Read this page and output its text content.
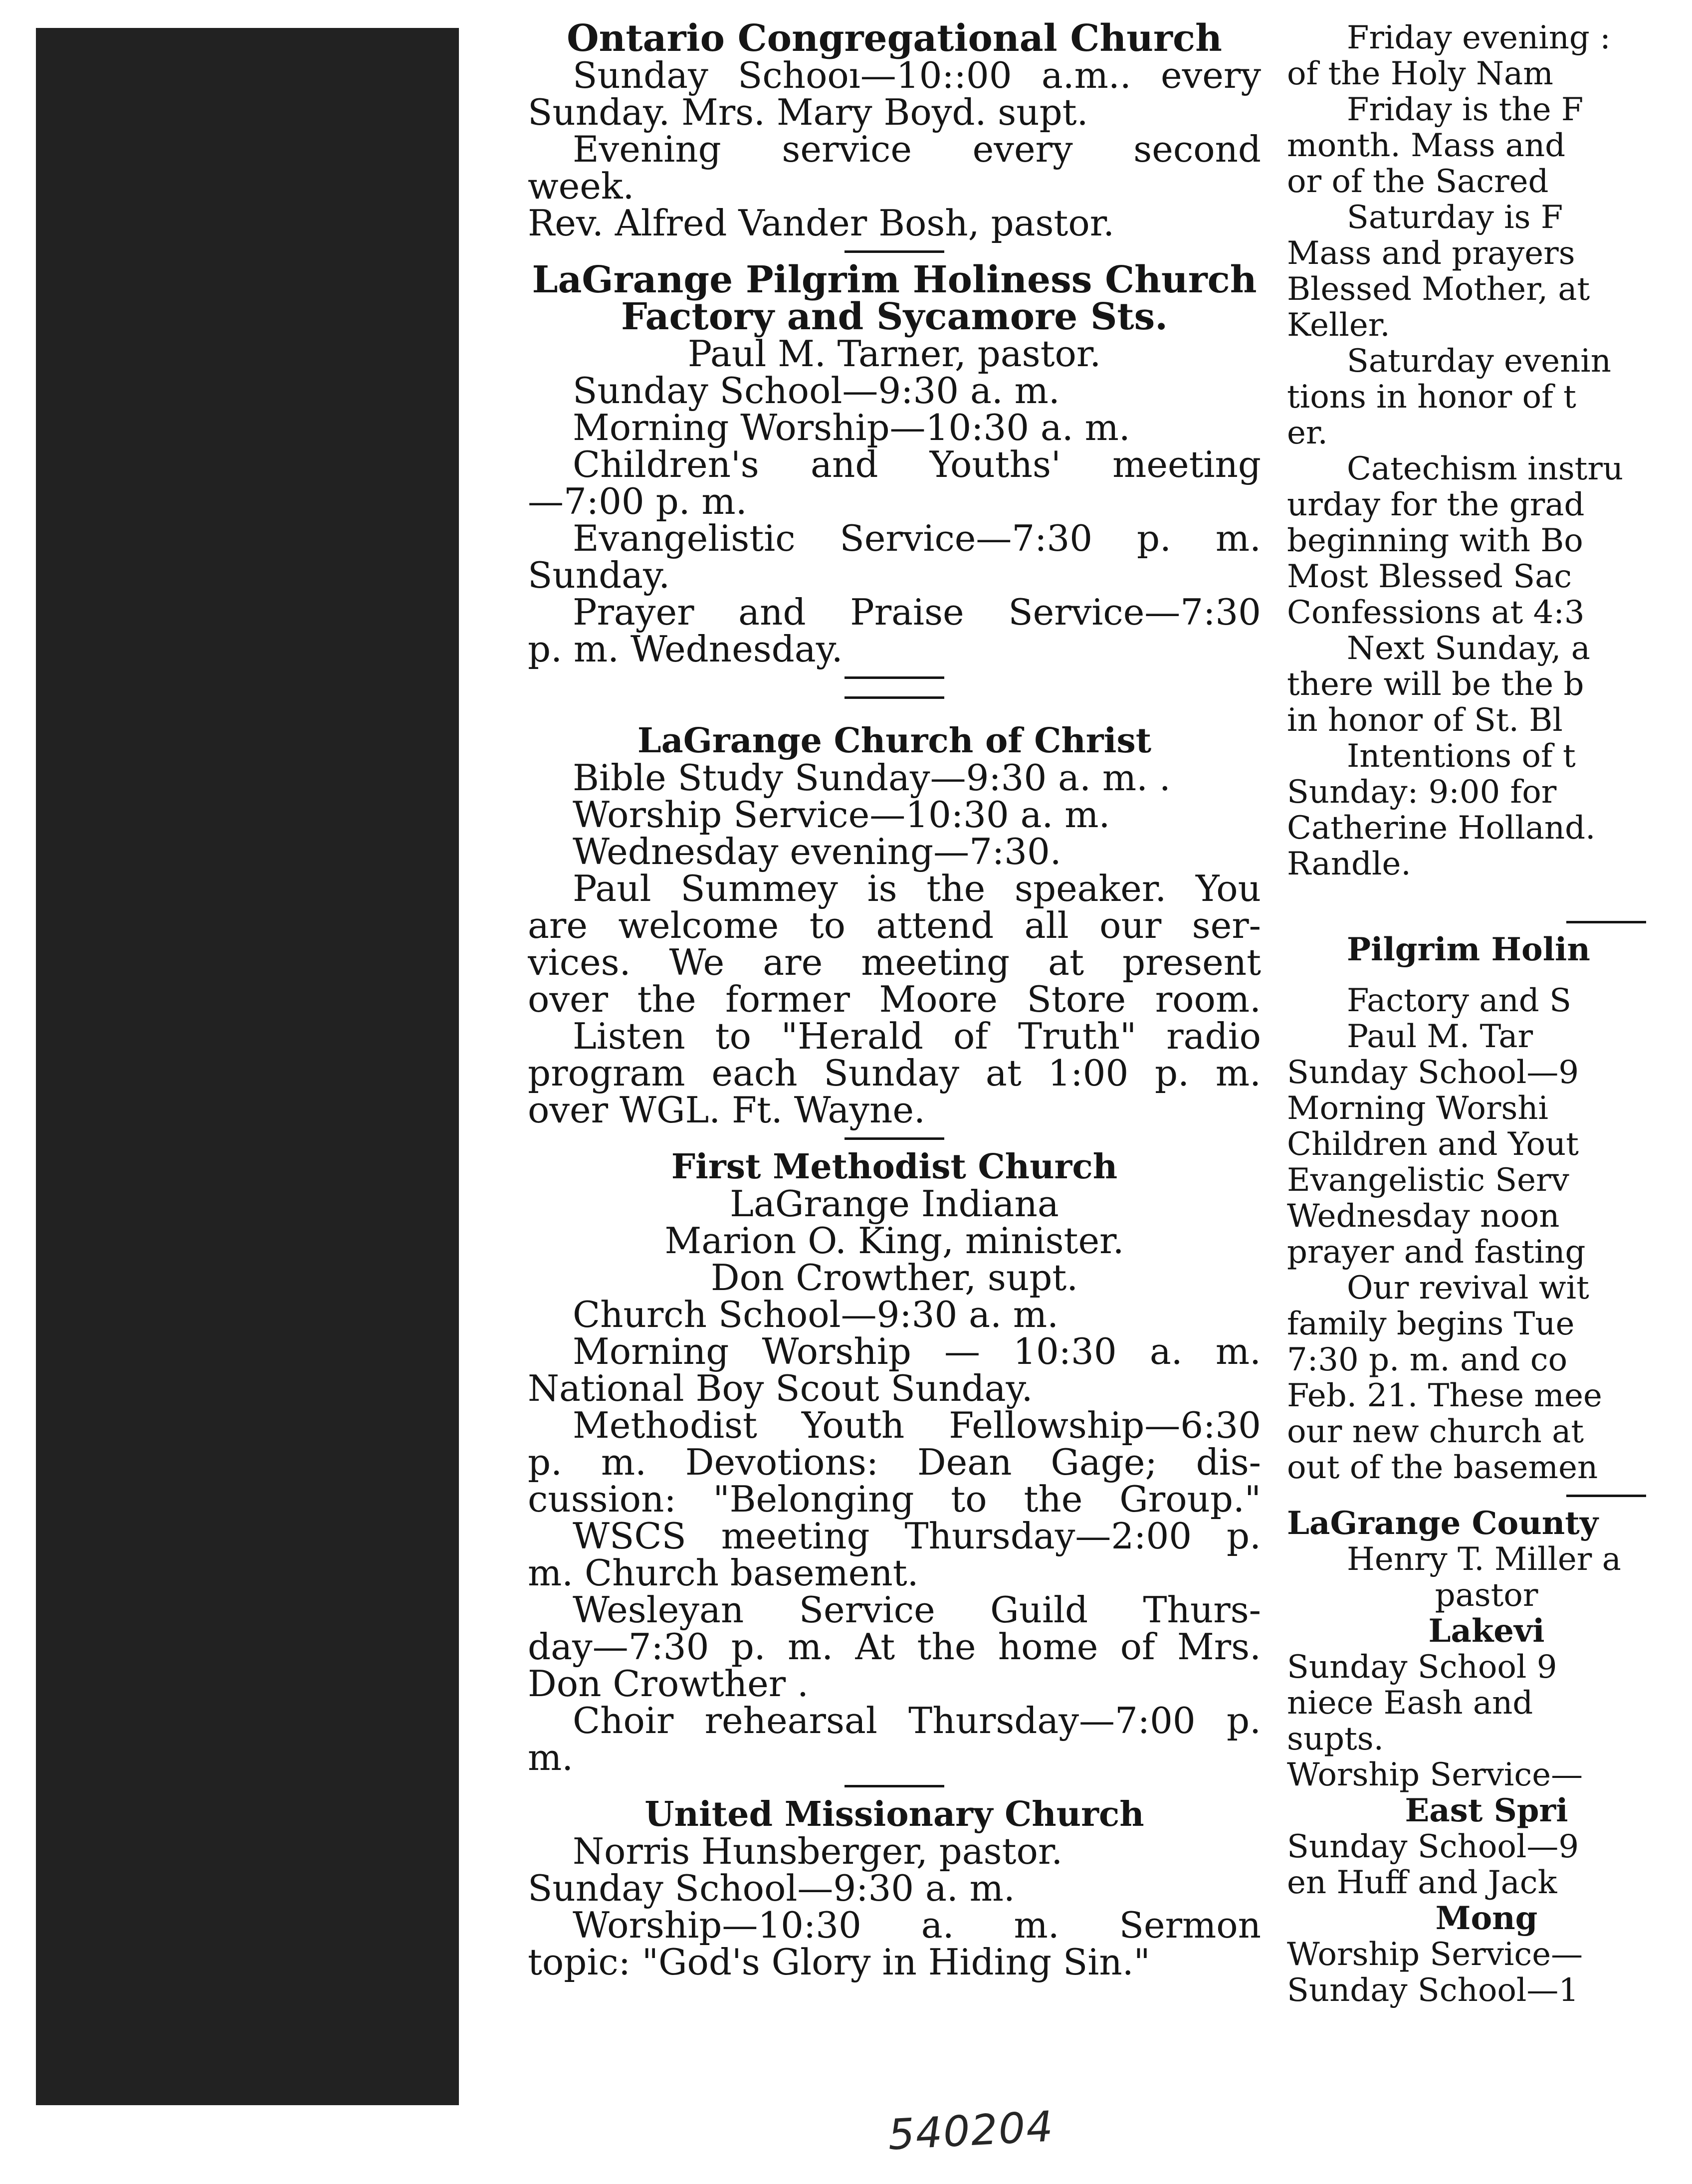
Ontario Congregational Church
Sunday Schooı—10::00 a.m.. every
Sunday. Mrs. Mary Boyd. supt.
Evening service every second
week.
Rev. Alfred Vander Bosh, pastor.
LaGrange Pilgrim Holiness Church
Factory and Sycamore Sts.
Paul M. Tarner, pastor.
Sunday School—9:30 a. m.
Morning Worship—10:30 a. m.
Children's and Youths' meeting
—7:00 p. m.
Evangelistic Service—7:30 p. m.
Sunday.
Prayer and Praise Service—7:30
p. m. Wednesday.
LaGrange Church of Christ
Bible Study Sunday—9:30 a. m. .
Worship Service—10:30 a. m.
Wednesday evening—7:30.
Paul Summey is the speaker. You
are welcome to attend all our ser-
vices. We are meeting at present
over the former Moore Store room.
Listen to "Herald of Truth" radio
program each Sunday at 1:00 p. m.
over WGL. Ft. Wayne.
First Methodist Church
LaGrange Indiana
Marion O. King, minister.
Don Crowther, supt.
Church School—9:30 a. m.
Morning Worship — 10:30 a. m.
National Boy Scout Sunday.
Methodist Youth Fellowship—6:30
p. m. Devotions: Dean Gage; dis-
cussion: "Belonging to the Group."
WSCS meeting Thursday—2:00 p.
m. Church basement.
Wesleyan Service Guild Thurs-
day—7:30 p. m. At the home of Mrs.
Don Crowther .
Choir rehearsal Thursday—7:00 p.
m.
United Missionary Church
Norris Hunsberger, pastor.
Sunday School—9:30 a. m.
Worship—10:30 a. m. Sermon
topic: "God's Glory in Hiding Sin."
Friday evening :
of the Holy Nam
Friday is the F
month. Mass and
or of the Sacred
Saturday is F
Mass and prayers
Blessed Mother, at
Keller.
Saturday evenin
tions in honor of t
er.
Catechism instru
urday for the grad
beginning with Bo
Most Blessed Sac
Confessions at 4:3
Next Sunday, a
there will be the b
in honor of St. Bl
Intentions of t
Sunday: 9:00 for
Catherine Holland.
Randle.
Pilgrim Holin
Factory and S
Paul M. Tar
Sunday School—9
Morning Worshi
Children and Yout
Evangelistic Serv
Wednesday noon
prayer and fasting
Our revival wit
family begins Tue
7:30 p. m. and co
Feb. 21. These mee
our new church at
out of the basemen
LaGrange County
Henry T. Miller a
pastor
Lakevi
Sunday School 9
niece Eash and
supts.
Worship Service—
East Spri
Sunday School—9
en Huff and Jack
Mong
Worship Service—
Sunday School—1
540204
